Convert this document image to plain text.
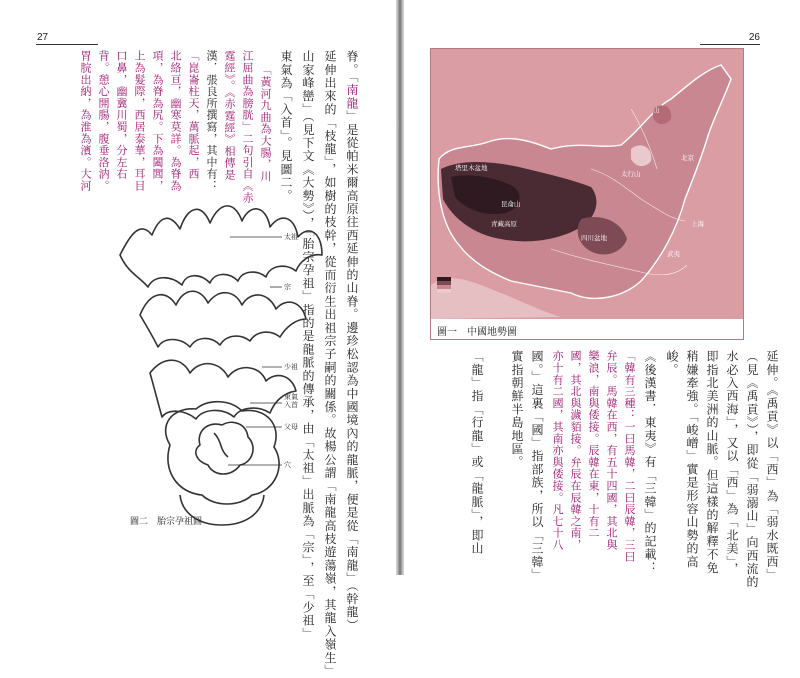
27
脊。「南龍」是從帕米爾高原往西延伸的山脊。邊珍松認為中國境內的龍脈，便是從「南龍」（幹龍）
延伸出來的「枝龍」，如樹的枝幹，從而衍生出祖宗子嗣的關係。故楊公謂「南龍高枝遊蕩嶺，其龍入嶺生」
山家峰巒」（見下文《大勢》），「胎宗孕祖」指的是龍脈的傳承，由「太祖」出脈為「宗」，至「少祖」
東氣為「入首」。見圖二。
「黃河九曲為大腸，川
江屈曲為膀胱」二句引自《赤
霆經》。《赤霆經》相傳是
漢．張良所撰寫，其中有：
「崑崙柱天，萬脈起，西
北絡亘，幽寒莫詳。為脊為
項，為脊為尻。下為闔閭，
上為髮際，西居泰華，耳目
口鼻，幽冀川蜀，分左右
背。憩心開腸，腹垂洛汭。
胃脘出納，為淮為濱。大河
太祖
宗
少祖
束氣入首
父母
穴
圖二　胎宗孕祖圖
26
山
太行山
上海
武夷
北京
四川盆地
昆侖山
塔里木盆地
青藏高原
圖一　中國地勢圖
延伸。《禹貢》以「西」為「弱水既西」
（見《禹貢》），即從「弱溺山」向西流的
水必入西海」，又以「西」為「北美」，
即指北美洲的山脈。但這樣的解釋不免
稍嫌牽強。「峻嶒」實是形容山勢的高
峻。
《後漢書．東夷》有「三韓」的記載：
「韓有三種：一曰馬韓，二曰辰韓，三曰
弁辰。馬韓在西，有五十四國，其北與
樂浪，南與倭接。辰韓在東，十有二
國，其北與濊貊接。弁辰在辰韓之南，
亦十有二國，其南亦與倭接。凡七十八
國。」這裏「國」指部族，所以「三韓」
實指朝鮮半島地區。
「龍」指「行龍」或「龍脈」，即山
